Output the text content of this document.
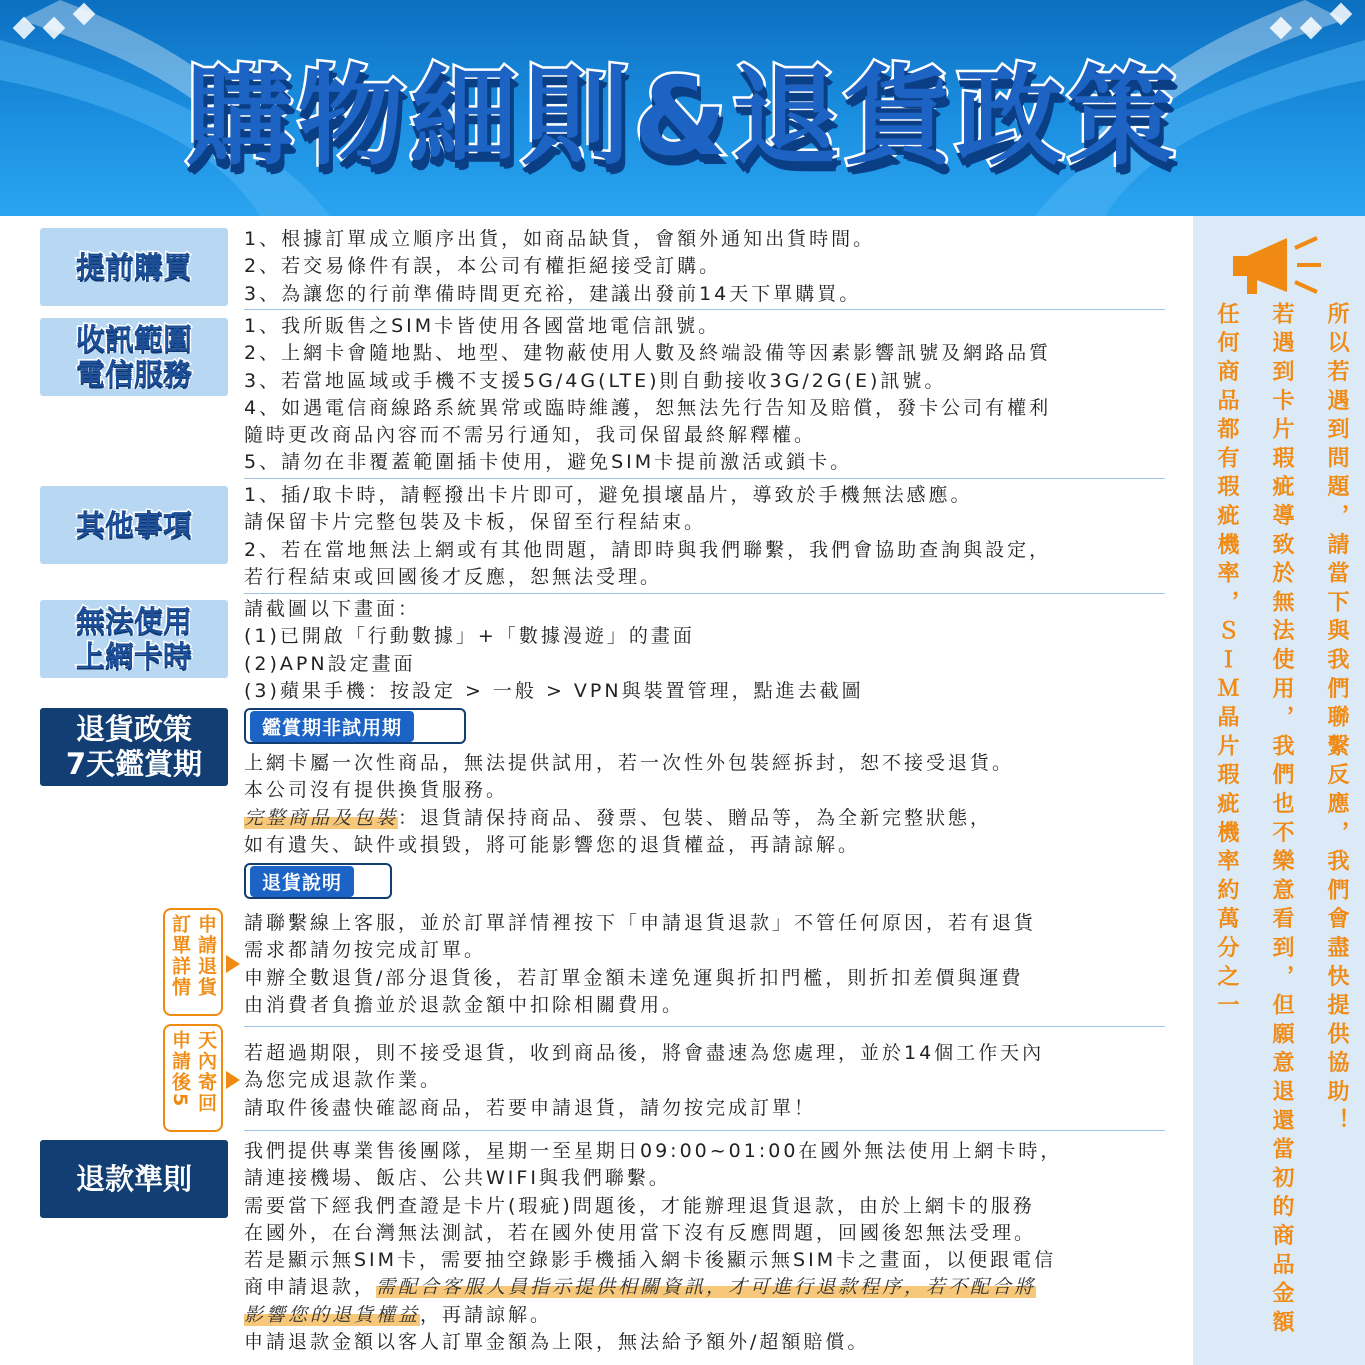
購物細則&退貨政策
提前購買
收訊範圍
電信服務
其他事項
無法使用
上網卡時
退貨政策
7天鑑賞期
退款準則
1、根據訂單成立順序出貨，如商品缺貨，會額外通知出貨時間。
2、若交易條件有誤，本公司有權拒絕接受訂購。
3、為讓您的行前準備時間更充裕，建議出發前14天下單購買。
1、我所販售之SIM卡皆使用各國當地電信訊號。
2、上網卡會隨地點、地型、建物蔽使用人數及終端設備等因素影響訊號及網路品質
3、若當地區域或手機不支援5G/4G(LTE)則自動接收3G/2G(E)訊號。
4、如遇電信商線路系統異常或臨時維護，恕無法先行告知及賠償，發卡公司有權利
隨時更改商品內容而不需另行通知，我司保留最終解釋權。
5、請勿在非覆蓋範圍插卡使用，避免SIM卡提前激活或鎖卡。
1、插/取卡時，請輕撥出卡片即可，避免損壞晶片，導致於手機無法感應。
請保留卡片完整包裝及卡板，保留至行程結束。
2、若在當地無法上網或有其他問題，請即時與我們聯繫，我們會協助查詢與設定，
若行程結束或回國後才反應，恕無法受理。
請截圖以下畫面：
(1)已開啟「行動數據」+「數據漫遊」的畫面
(2)APN設定畫面
(3)蘋果手機：按設定 > 一般 > VPN與裝置管理，點進去截圖
鑑賞期非試用期
上網卡屬一次性商品，無法提供試用，若一次性外包裝經拆封，恕不接受退貨。
本公司沒有提供換貨服務。
完整商品及包裝：退貨請保持商品、發票、包裝、贈品等，為全新完整狀態，
如有遺失、缺件或損毀，將可能影響您的退貨權益，再請諒解。
退貨說明
申請退貨
訂單詳情	請聯繫線上客服，並於訂單詳情裡按下「申請退貨退款」不管任何原因，若有退貨
需求都請勿按完成訂單。
申辦全數退貨/部分退貨後，若訂單金額未達免運與折扣門檻，則折扣差價與運費
由消費者負擔並於退款金額中扣除相關費用。
天內寄回
申請後5	若超過期限，則不接受退貨，收到商品後，將會盡速為您處理，並於14個工作天內
為您完成退款作業。
請取件後盡快確認商品，若要申請退貨，請勿按完成訂單！
我們提供專業售後團隊，星期一至星期日09:00~01:00在國外無法使用上網卡時，
請連接機場、飯店、公共WIFI與我們聯繫。
需要當下經我們查證是卡片(瑕疵)問題後，才能辦理退貨退款，由於上網卡的服務
在國外，在台灣無法測試，若在國外使用當下沒有反應問題，回國後恕無法受理。
若是顯示無SIM卡，需要抽空錄影手機插入網卡後顯示無SIM卡之畫面，以便跟電信
商申請退款，需配合客服人員指示提供相關資訊，才可進行退款程序，若不配合將
影響您的退貨權益，再請諒解。
申請退款金額以客人訂單金額為上限，無法給予額外/超額賠償。
所以若遇到問題，請當下與我們聯繫反應，我們會盡快提供協助！
若遇到卡片瑕疵導致於無法使用，我們也不樂意看到，但願意退還當初的商品金額
任何商品都有瑕疵機率，ＳＩＭ晶片瑕疵機率約萬分之一
